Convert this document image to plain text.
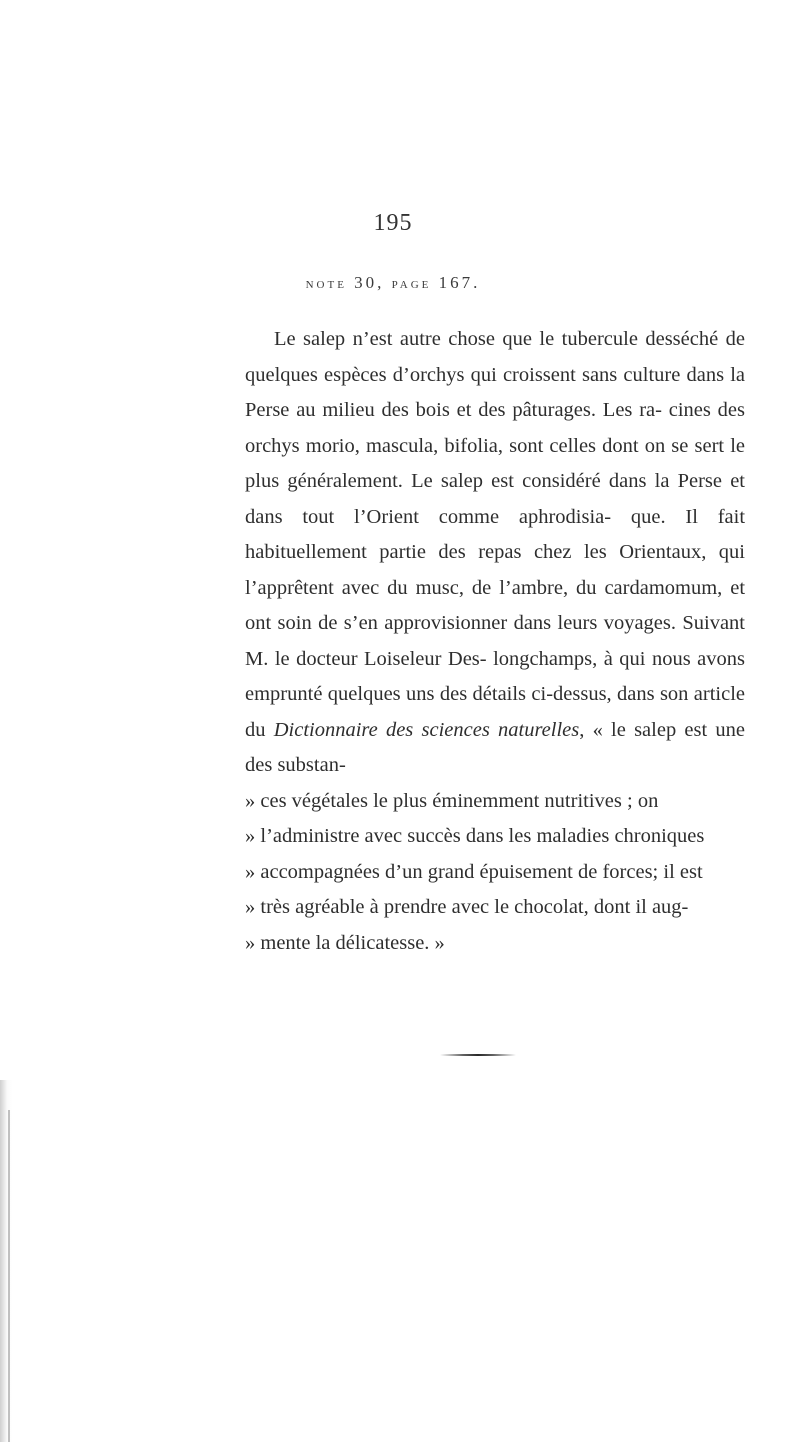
195
NOTE 30, PAGE 167.

Le salep n’est autre chose que le tubercule desséché de quelques espèces d’orchys qui croissent sans culture dans la Perse au milieu des bois et des pâturages. Les ra- cines des orchys morio, mascula, bifolia, sont celles dont on se sert le plus généralement. Le salep est considéré dans la Perse et dans tout l’Orient comme aphrodisia- que. Il fait habituellement partie des repas chez les Orientaux, qui l’apprêtent avec du musc, de l’ambre, du cardamomum, et ont soin de s’en approvisionner dans leurs voyages. Suivant M. le docteur Loiseleur Des- longchamps, à qui nous avons emprunté quelques uns des détails ci-dessus, dans son article du Dictionnaire des sciences naturelles, « le salep est une des substan-
» ces végétales le plus éminemment nutritives ; on
» l’administre avec succès dans les maladies chroniques
» accompagnées d’un grand épuisement de forces; il est
» très agréable à prendre avec le chocolat, dont il aug-
» mente la délicatesse. »
